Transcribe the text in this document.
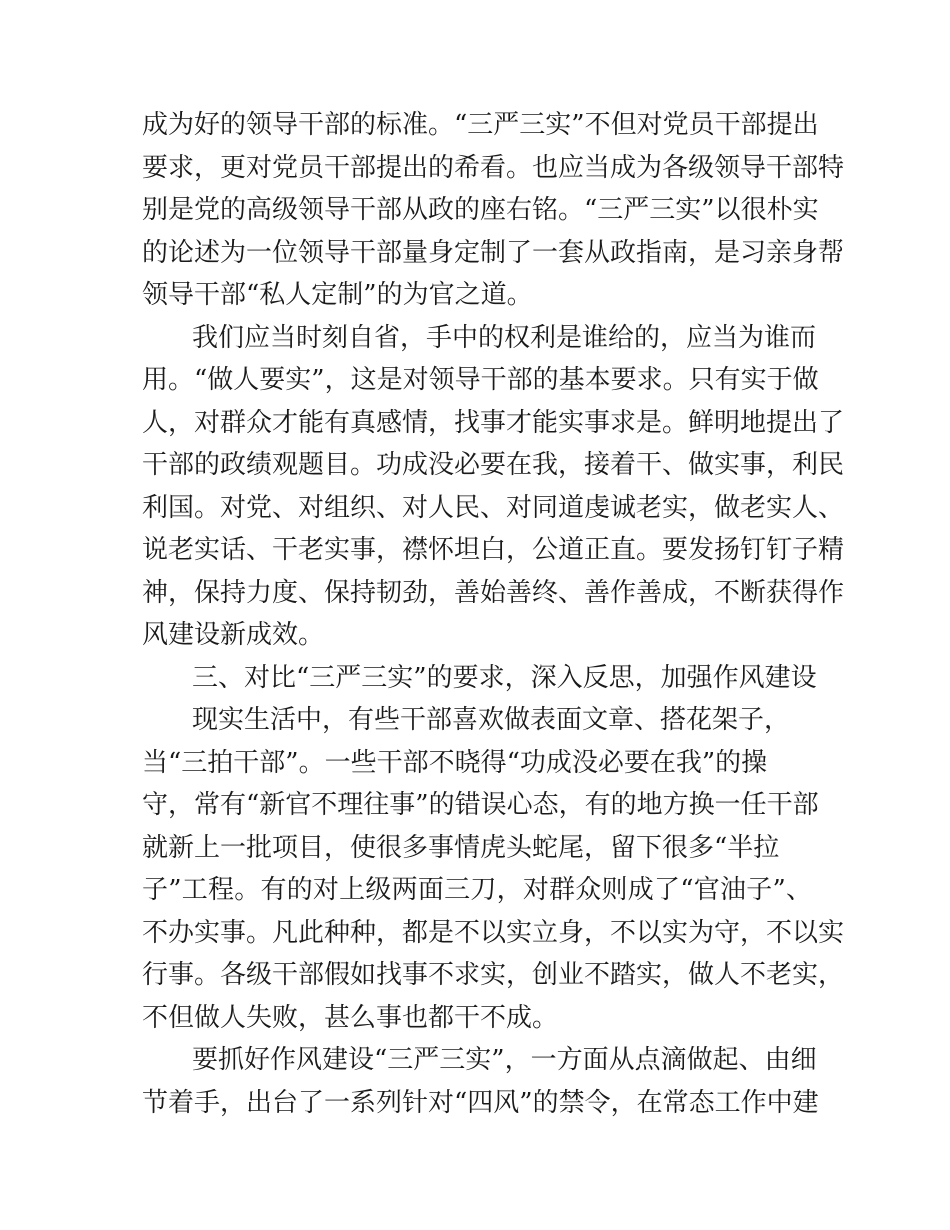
成为好的领导干部的标准。“三严三实”不但对党员干部提出
要求，更对党员干部提出的希看。也应当成为各级领导干部特
别是党的高级领导干部从政的座右铭。“三严三实”以很朴实
的论述为一位领导干部量身定制了一套从政指南，是习亲身帮
领导干部“私人定制”的为官之道。
我们应当时刻自省，手中的权利是谁给的，应当为谁而
用。“做人要实”，这是对领导干部的基本要求。只有实于做
人，对群众才能有真感情，找事才能实事求是。鲜明地提出了
干部的政绩观题目。功成没必要在我，接着干、做实事，利民
利国。对党、对组织、对人民、对同道虔诚老实，做老实人、
说老实话、干老实事，襟怀坦白，公道正直。要发扬钉钉子精
神，保持力度、保持韧劲，善始善终、善作善成，不断获得作
风建设新成效。
三、对比“三严三实”的要求，深入反思，加强作风建设
现实生活中，有些干部喜欢做表面文章、搭花架子，
当“三拍干部”。一些干部不晓得“功成没必要在我”的操
守，常有“新官不理往事”的错误心态，有的地方换一任干部
就新上一批项目，使很多事情虎头蛇尾，留下很多“半拉
子”工程。有的对上级两面三刀，对群众则成了“官油子”、
不办实事。凡此种种，都是不以实立身，不以实为守，不以实
行事。各级干部假如找事不求实，创业不踏实，做人不老实，
不但做人失败，甚么事也都干不成。
要抓好作风建设“三严三实”，一方面从点滴做起、由细
节着手，出台了一系列针对“四风”的禁令，在常态工作中建
